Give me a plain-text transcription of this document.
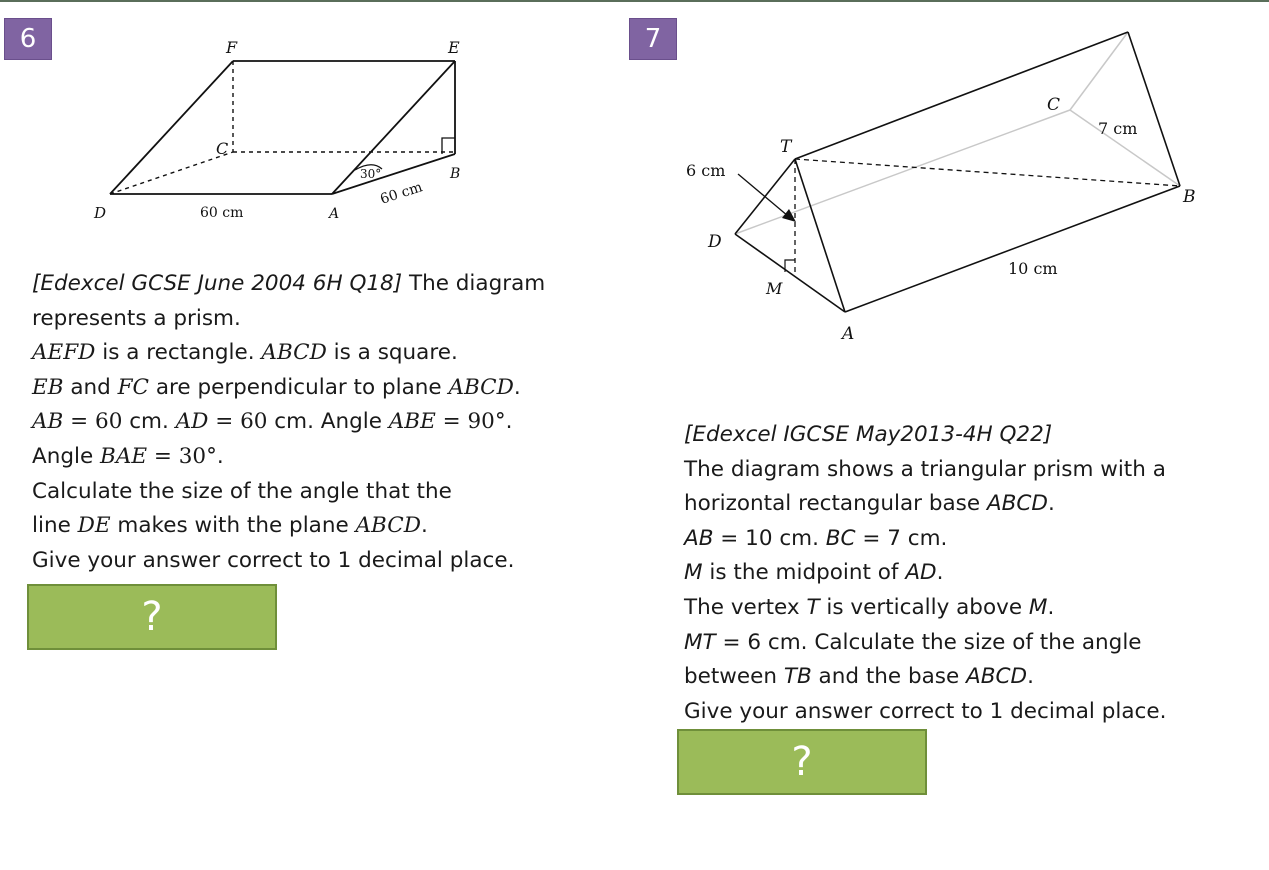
6	F	E
C
B
D	A
30°
60 cm
60 cm
[Edexcel GCSE June 2004 6H Q18] The diagram
represents a prism.
AEFD is a rectangle. ABCD is a square.
EB and FC are perpendicular to plane ABCD.
AB = 60 cm. AD = 60 cm. Angle ABE = 90°.
Angle BAE = 30°.
Calculate the size of the angle that the
line DE makes with the plane ABCD.
Give your answer correct to 1 decimal place.
?
7
C
7 cm
T
6 cm
B
D
10 cm
M
A
[Edexcel IGCSE May2013-4H Q22]
The diagram shows a triangular prism with a
horizontal rectangular base ABCD.
AB = 10 cm. BC = 7 cm.
M is the midpoint of AD.
The vertex T is vertically above M.
MT = 6 cm. Calculate the size of the angle
between TB and the base ABCD.
Give your answer correct to 1 decimal place.
?
